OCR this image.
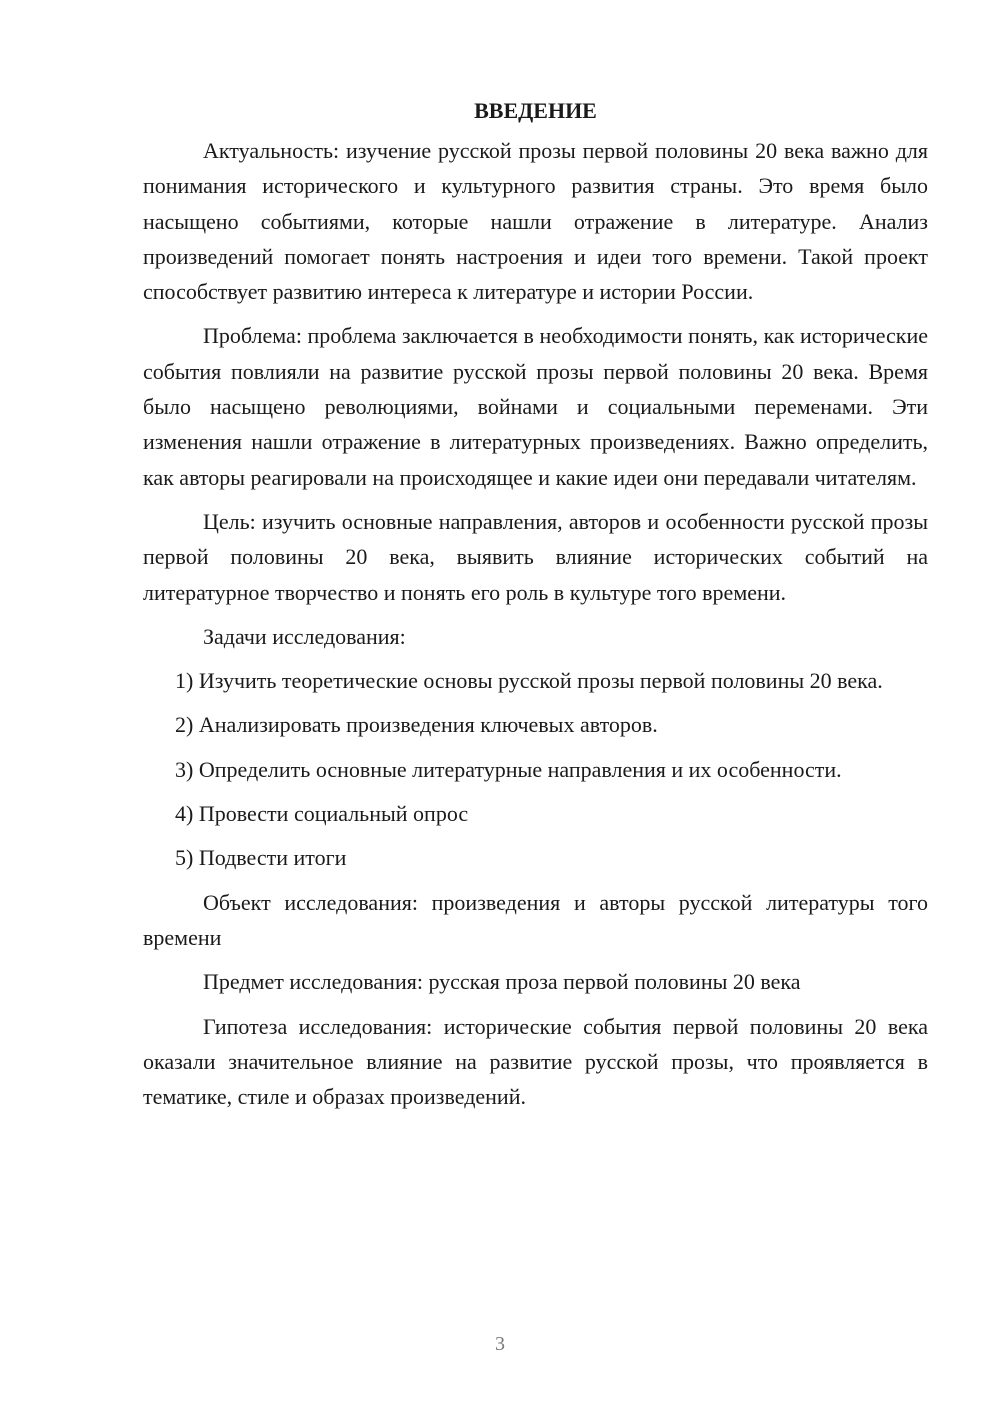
ВВЕДЕНИЕ

Актуальность: изучение русской прозы первой половины 20 века важно для понимания исторического и культурного развития страны. Это время было насыщено событиями, которые нашли отражение в литературе. Анализ произведений помогает понять настроения и идеи того времени. Такой проект способствует развитию интереса к литературе и истории России.

Проблема: проблема заключается в необходимости понять, как исторические события повлияли на развитие русской прозы первой половины 20 века. Время было насыщено революциями, войнами и социальными переменами. Эти изменения нашли отражение в литературных произведениях. Важно определить, как авторы реагировали на происходящее и какие идеи они передавали читателям.

Цель: изучить основные направления, авторов и особенности русской прозы первой половины 20 века, выявить влияние исторических событий на литературное творчество и понять его роль в культуре того времени.

Задачи исследования:

1) Изучить теоретические основы русской прозы первой половины 20 века.

2) Анализировать произведения ключевых авторов.

3) Определить основные литературные направления и их особенности.

4) Провести социальный опрос

5) Подвести итоги

Объект исследования: произведения и авторы русской литературы того времени

Предмет исследования: русская проза первой половины 20 века

Гипотеза исследования: исторические события первой половины 20 века оказали значительное влияние на развитие русской прозы, что проявляется в тематике, стиле и образах произведений.

3
